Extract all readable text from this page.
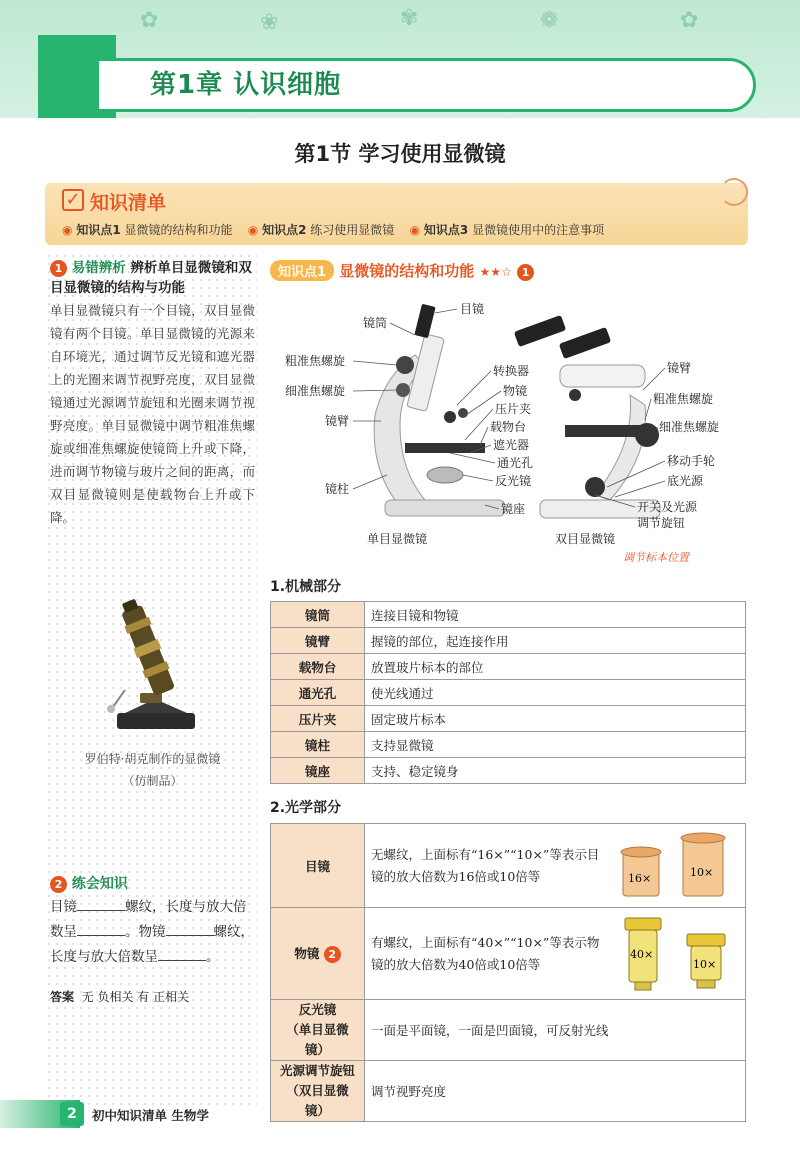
✿	❀	✾	❁	✿
第1章 认识细胞
第1节 学习使用显微镜
✓ 知识清单
◉ 知识点1 显微镜的结构和功能 ◉ 知识点2 练习使用显微镜 ◉ 知识点3 显微镜使用中的注意事项
1 易错辨析 辨析单目显微镜和双目显微镜的结构与功能
单目显微镜只有一个目镜，双目显微镜有两个目镜。单目显微镜的光源来自环境光，通过调节反光镜和遮光器上的光圈来调节视野亮度，双目显微镜通过光源调节旋钮和光圈来调节视野亮度。单目显微镜中调节粗准焦螺旋或细准焦螺旋使镜筒上升或下降，进而调节物镜与玻片之间的距离，而双目显微镜则是使载物台上升或下降。
罗伯特·胡克制作的显微镜
（仿制品）
2 练会知识
目镜	螺纹，长度与放大倍数呈	。物镜	螺纹，长度与放大倍数呈	。
答案 无 负相关 有 正相关
知识点1 显微镜的结构和功能 ★★☆ 1
镜筒
目镜
粗准焦螺旋
细准焦螺旋
镜臂
镜柱
转换器
物镜
压片夹
载物台
遮光器
通光孔
反光镜
镜座
镜臂
粗准焦螺旋
细准焦螺旋
移动手轮
底光源
开关及光源
调节旋钮
单目显微镜	双目显微镜
调节标本位置
1.机械部分
镜筒	连接目镜和物镜
镜臂	握镜的部位，起连接作用
载物台	放置玻片标本的部位
通光孔	使光线通过
压片夹	固定玻片标本
镜柱	支持显微镜
镜座	支持、稳定镜身
2.光学部分
目镜	无螺纹，上面标有“16×”“10×”等表示目镜的放大倍数为16倍或10倍等 16× 10×

物镜 2	有螺纹，上面标有“40×”“10×”等表示物镜的放大倍数为40倍或10倍等
40×
10×

反光镜
（单目显微镜）	一面是平面镜，一面是凹面镜，可反射光线

光源调节旋钮
（双目显微镜）	调节视野亮度
2	初中知识清单 生物学
